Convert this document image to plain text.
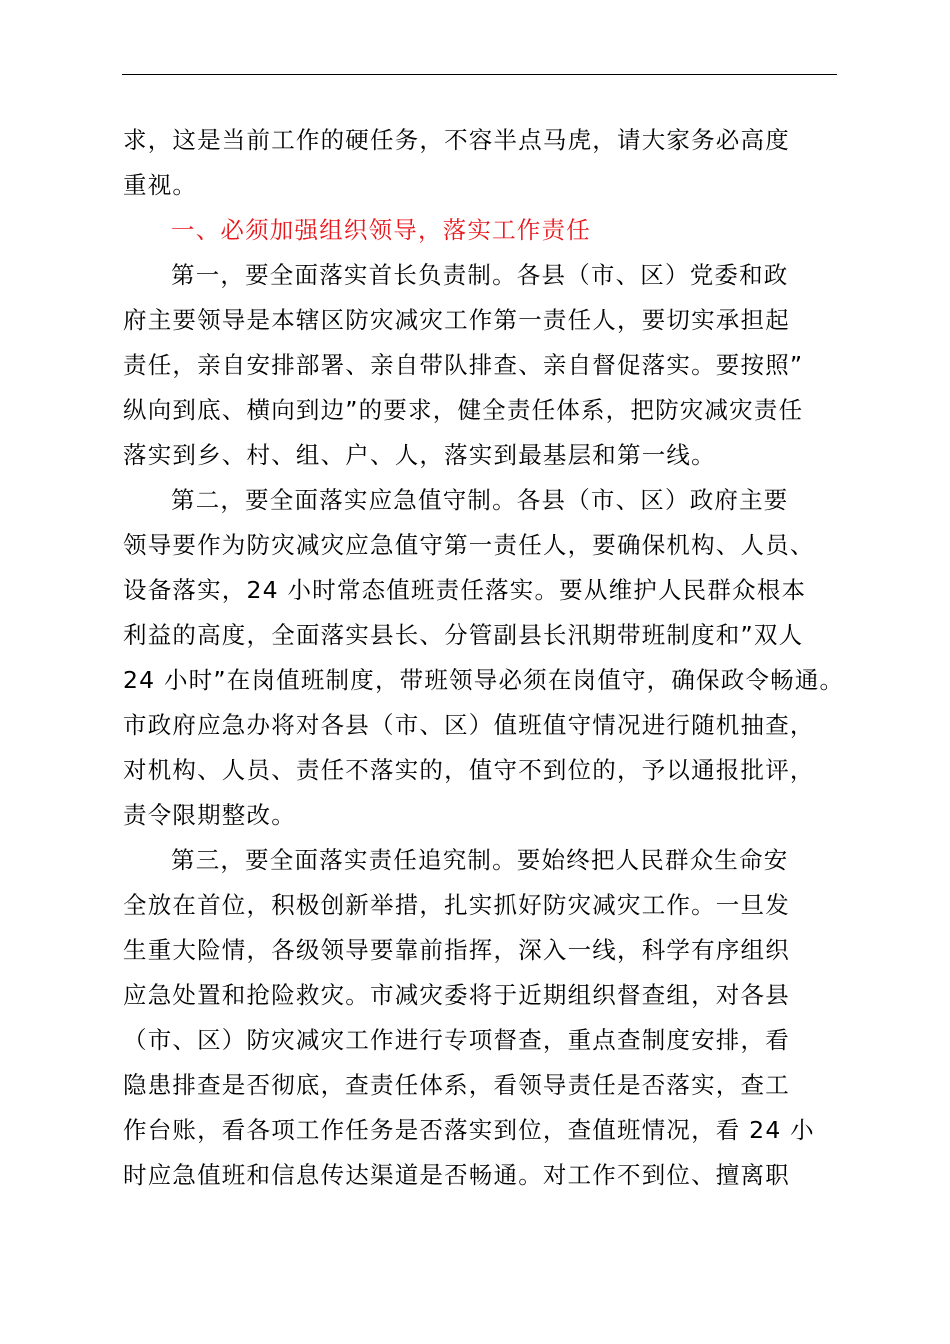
求，这是当前工作的硬任务，不容半点马虎，请大家务必高度
重视。
一、必须加强组织领导，落实工作责任
第一，要全面落实首长负责制。各县（市、区）党委和政
府主要领导是本辖区防灾减灾工作第一责任人，要切实承担起
责任，亲自安排部署、亲自带队排查、亲自督促落实。要按照”
纵向到底、横向到边”的要求，健全责任体系，把防灾减灾责任
落实到乡、村、组、户、人，落实到最基层和第一线。
第二，要全面落实应急值守制。各县（市、区）政府主要
领导要作为防灾减灾应急值守第一责任人，要确保机构、人员、
设备落实，24 小时常态值班责任落实。要从维护人民群众根本
利益的高度，全面落实县长、分管副县长汛期带班制度和”双人
24 小时”在岗值班制度，带班领导必须在岗值守，确保政令畅通。
市政府应急办将对各县（市、区）值班值守情况进行随机抽查，
对机构、人员、责任不落实的，值守不到位的，予以通报批评，
责令限期整改。
第三，要全面落实责任追究制。要始终把人民群众生命安
全放在首位，积极创新举措，扎实抓好防灾减灾工作。一旦发
生重大险情，各级领导要靠前指挥，深入一线，科学有序组织
应急处置和抢险救灾。市减灾委将于近期组织督查组，对各县
（市、区）防灾减灾工作进行专项督查，重点查制度安排，看
隐患排查是否彻底，查责任体系，看领导责任是否落实，查工
作台账，看各项工作任务是否落实到位，查值班情况，看 24 小
时应急值班和信息传达渠道是否畅通。对工作不到位、擅离职
